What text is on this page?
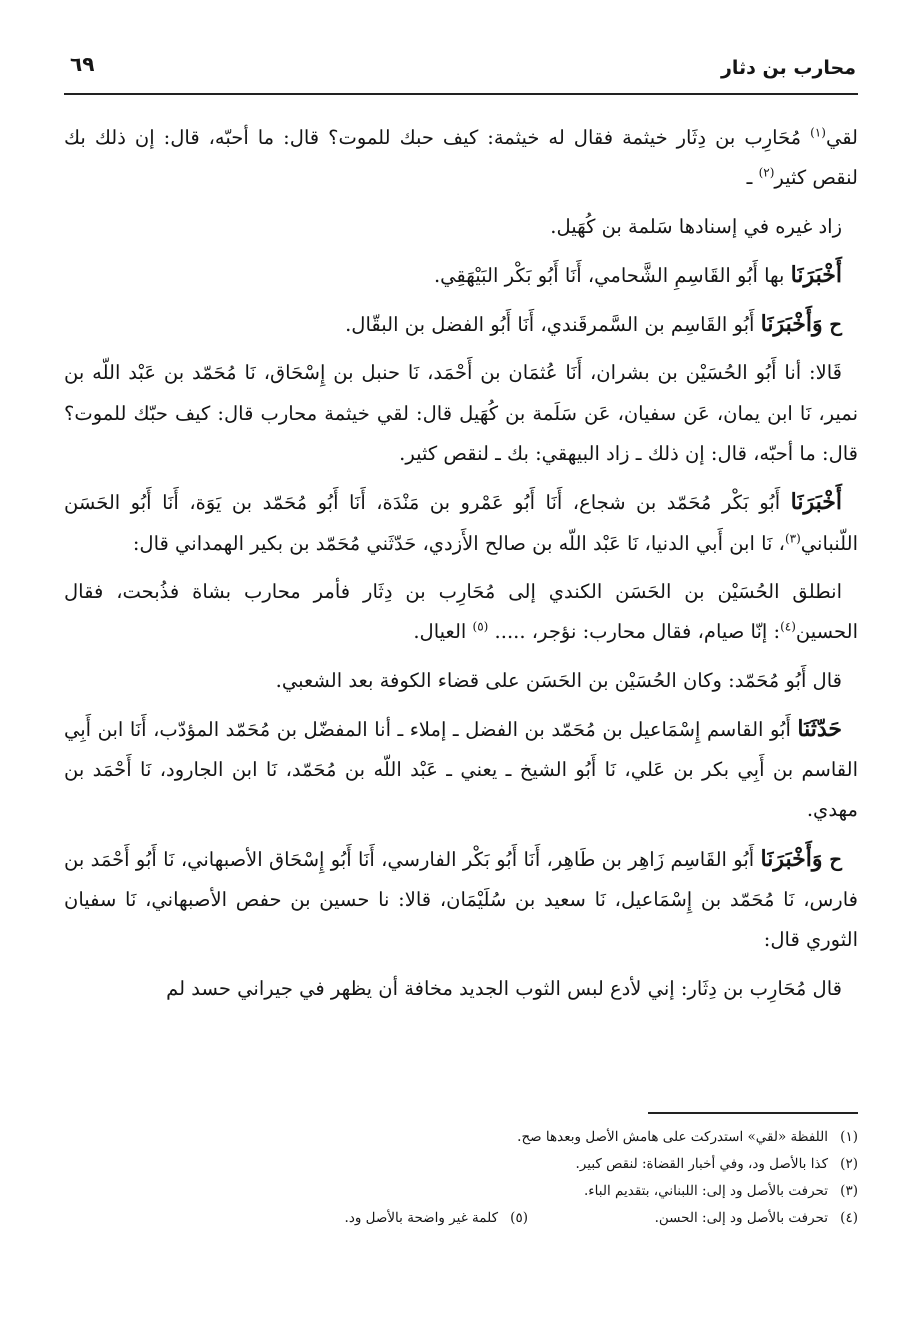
محارب بن دثار
٦٩

لقي$^{(١)}$ مُحَارِب بن دِثَار خيثمة فقال له خيثمة: كيف حبك للموت؟ قال: ما أحبّه، قال: إن ذلك بك لنقص كثير$^{(٢)}$ ـ

زاد غيره في إسنادها سَلمة بن كُهَيل.

أَخْبَرَنَا بها أَبُو القَاسِمِ الشَّحامي، أَنَا أَبُو بَكْر البَيْهَقِي.

ح وَأَخْبَرَنَا أَبُو القَاسِم بن السَّمرقَندي، أَنَا أَبُو الفضل بن البقّال.

قَالا: أنا أَبُو الحُسَيْن بن بشران، أَنَا عُثمَان بن أَحْمَد، نَا حنبل بن إِسْحَاق، نَا مُحَمّد بن عَبْد اللّه بن نمير، نَا ابن يمان، عَن سفيان، عَن سَلَمة بن كُهَيل قال: لقي خيثمة محارب قال: كيف حبّك للموت؟ قال: ما أحبّه، قال: إن ذلك ـ زاد البيهقي: بك ـ لنقص كثير.

أَخْبَرَنَا أَبُو بَكْر مُحَمّد بن شجاع، أَنَا أَبُو عَمْرو بن مَنْدَة، أَنَا أَبُو مُحَمّد بن يَوَة، أَنَا أَبُو الحَسَن اللّنباني$^{(٣)}$، نَا ابن أَبي الدنيا، نَا عَبْد اللّه بن صالح الأَزدي، حَدّثَني مُحَمّد بن بكير الهمداني قال:

انطلق الحُسَيْن بن الحَسَن الكندي إلى مُحَارِب بن دِثَار فأمر محارب بشاة فذُبحت، فقال الحسين$^{(٤)}$: إنّا صيام، فقال محارب: نؤجر، ..... $^{(٥)}$ العيال.

قال أَبُو مُحَمّد: وكان الحُسَيْن بن الحَسَن على قضاء الكوفة بعد الشعبي.

حَدّثَنَا أَبُو القاسم إِسْمَاعيل بن مُحَمّد بن الفضل ـ إملاء ـ أنا المفضّل بن مُحَمّد المؤدّب، أَنَا ابن أَبِي القاسم بن أَبِي بكر بن عَلي، نَا أَبُو الشيخ ـ يعني ـ عَبْد اللّه بن مُحَمّد، نَا ابن الجارود، نَا أَحْمَد بن مهدي.

ح وَأَخْبَرَنَا أَبُو القَاسِم زَاهِر بن طَاهِر، أَنَا أَبُو بَكْر الفارسي، أَنَا أَبُو إِسْحَاق الأصبهاني، نَا أَبُو أَحْمَد بن فارس، نَا مُحَمّد بن إِسْمَاعيل، نَا سعيد بن سُلَيْمَان، قالا: نا حسين بن حفص الأصبهاني، نَا سفيان الثوري قال:

قال مُحَارِب بن دِثَار: إني لأدع لبس الثوب الجديد مخافة أن يظهر في جيراني حسد لم

(١)اللفظة «لقي» استدركت على هامش الأصل وبعدها صح.
(٢)كذا بالأصل ود، وفي أخبار القضاة: لنقص كبير.
(٣)تحرفت بالأصل ود إلى: اللبناني، بتقديم الباء.
(٤)تحرفت بالأصل ود إلى: الحسن.
(٥)كلمة غير واضحة بالأصل ود.
